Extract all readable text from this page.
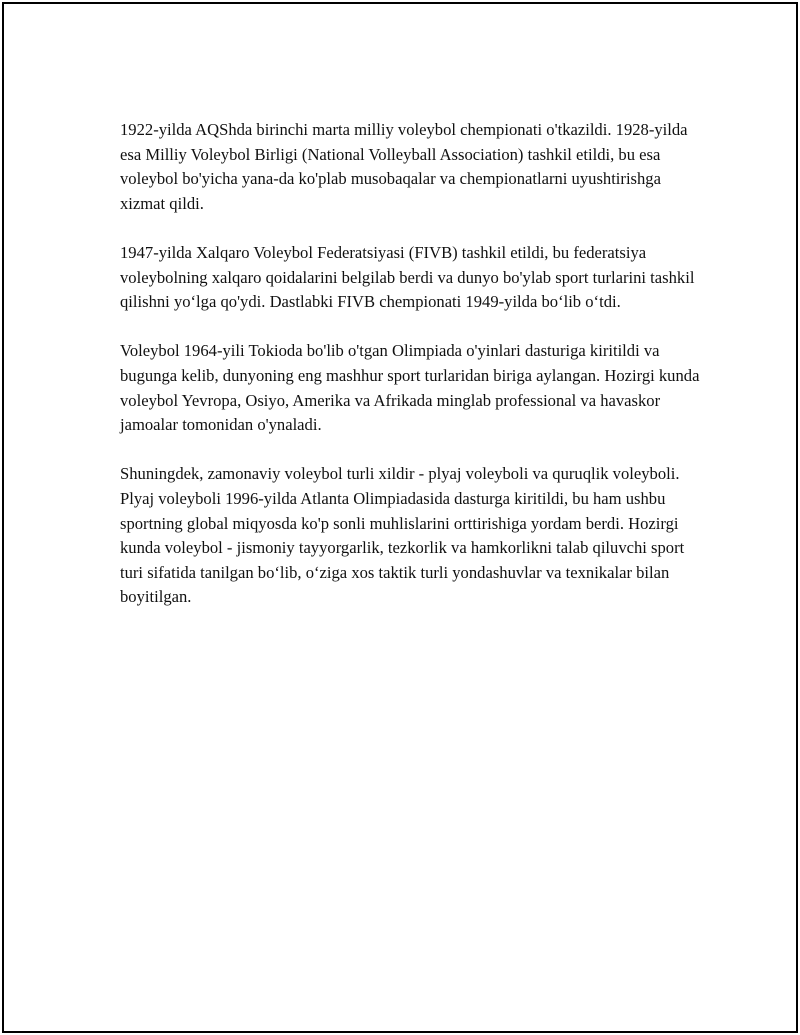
1922-yilda AQShda birinchi marta milliy voleybol chempionati o'tkazildi. 1928-yilda esa Milliy Voleybol Birligi (National Volleyball Association) tashkil etildi, bu esa voleybol bo'yicha yana-da ko'plab musobaqalar va chempionatlarni uyushtirishga xizmat qildi.

1947-yilda Xalqaro Voleybol Federatsiyasi (FIVB) tashkil etildi, bu federatsiya voleybolning xalqaro qoidalarini belgilab berdi va dunyo bo'ylab sport turlarini tashkil qilishni yo‘lga qo'ydi. Dastlabki FIVB chempionati 1949-yilda bo‘lib o‘tdi.

Voleybol 1964-yili Tokioda bo'lib o'tgan Olimpiada o'yinlari dasturiga kiritildi va bugunga kelib, dunyoning eng mashhur sport turlaridan biriga aylangan. Hozirgi kunda voleybol Yevropa, Osiyo, Amerika va Afrikada minglab professional va havaskor jamoalar tomonidan o'ynaladi.

Shuningdek, zamonaviy voleybol turli xildir - plyaj voleyboli va quruqlik voleyboli. Plyaj voleyboli 1996-yilda Atlanta Olimpiadasida dasturga kiritildi, bu ham ushbu sportning global miqyosda ko'p sonli muhlislarini orttirishiga yordam berdi. Hozirgi kunda voleybol - jismoniy tayyorgarlik, tezkorlik va hamkorlikni talab qiluvchi sport turi sifatida tanilgan bo‘lib, o‘ziga xos taktik turli yondashuvlar va texnikalar bilan boyitilgan.
